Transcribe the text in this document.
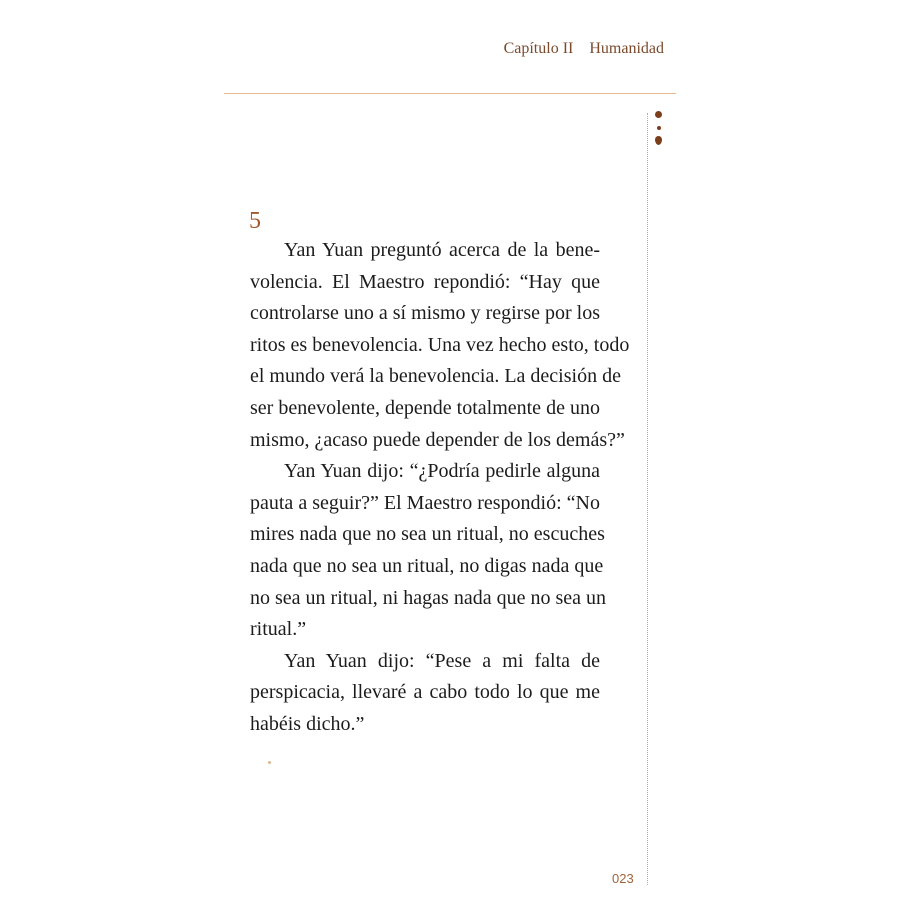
Capítulo II Humanidad
5
Yan Yuan preguntó acerca de la bene-
volencia. El Maestro repondió: “Hay que
controlarse uno a sí mismo y regirse por los
ritos es benevolencia. Una vez hecho esto, todo
el mundo verá la benevolencia. La decisión de
ser benevolente, depende totalmente de uno
mismo, ¿acaso puede depender de los demás?”
Yan Yuan dijo: “¿Podría pedirle alguna
pauta a seguir?” El Maestro respondió: “No
mires nada que no sea un ritual, no escuches
nada que no sea un ritual, no digas nada que
no sea un ritual, ni hagas nada que no sea un
ritual.”
Yan Yuan dijo: “Pese a mi falta de
perspicacia, llevaré a cabo todo lo que me
habéis dicho.”
023
